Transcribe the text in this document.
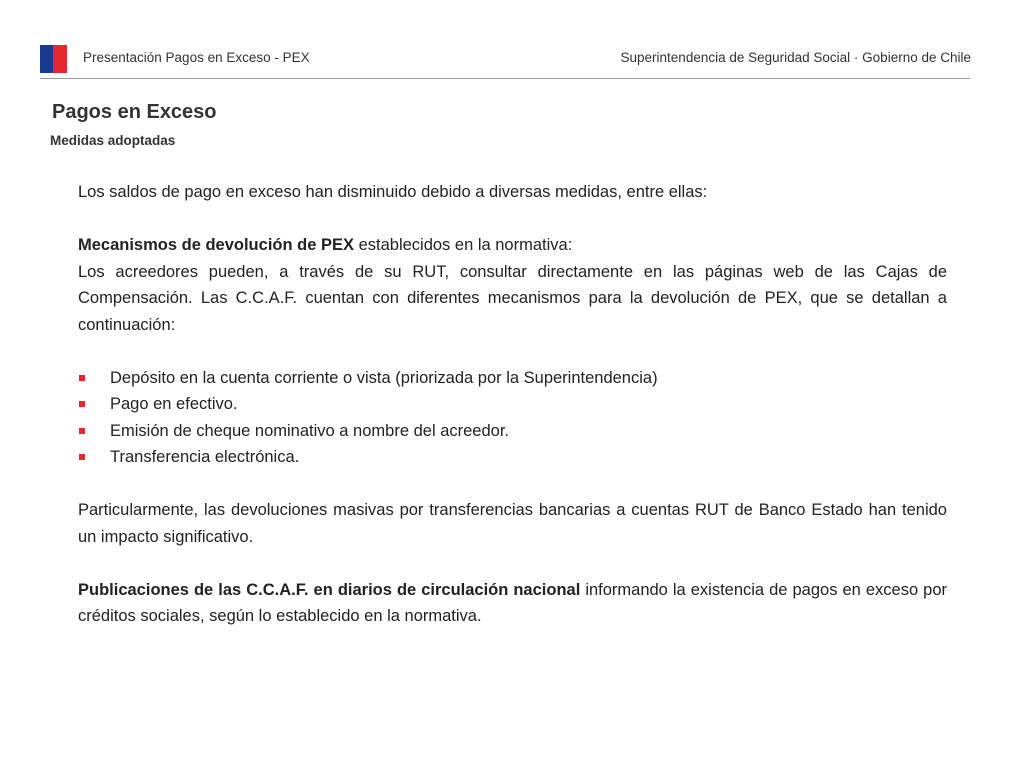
Presentación Pagos en Exceso - PEX	Superintendencia de Seguridad Social · Gobierno de Chile
Pagos en Exceso
Medidas adoptadas

Los saldos de pago en exceso han disminuido debido a diversas medidas, entre ellas:

Mecanismos de devolución de PEX establecidos en la normativa:

Los acreedores pueden, a través de su RUT, consultar directamente en las páginas web de las Cajas de Compensación. Las C.C.A.F. cuentan con diferentes mecanismos para la devolución de PEX, que se detallan a continuación:

Depósito en la cuenta corriente o vista (priorizada por la Superintendencia)
Pago en efectivo.
Emisión de cheque nominativo a nombre del acreedor.
Transferencia electrónica.

Particularmente, las devoluciones masivas por transferencias bancarias a cuentas RUT de Banco Estado han tenido un impacto significativo.

Publicaciones de las C.C.A.F. en diarios de circulación nacional informando la existencia de pagos en exceso por créditos sociales, según lo establecido en la normativa.
